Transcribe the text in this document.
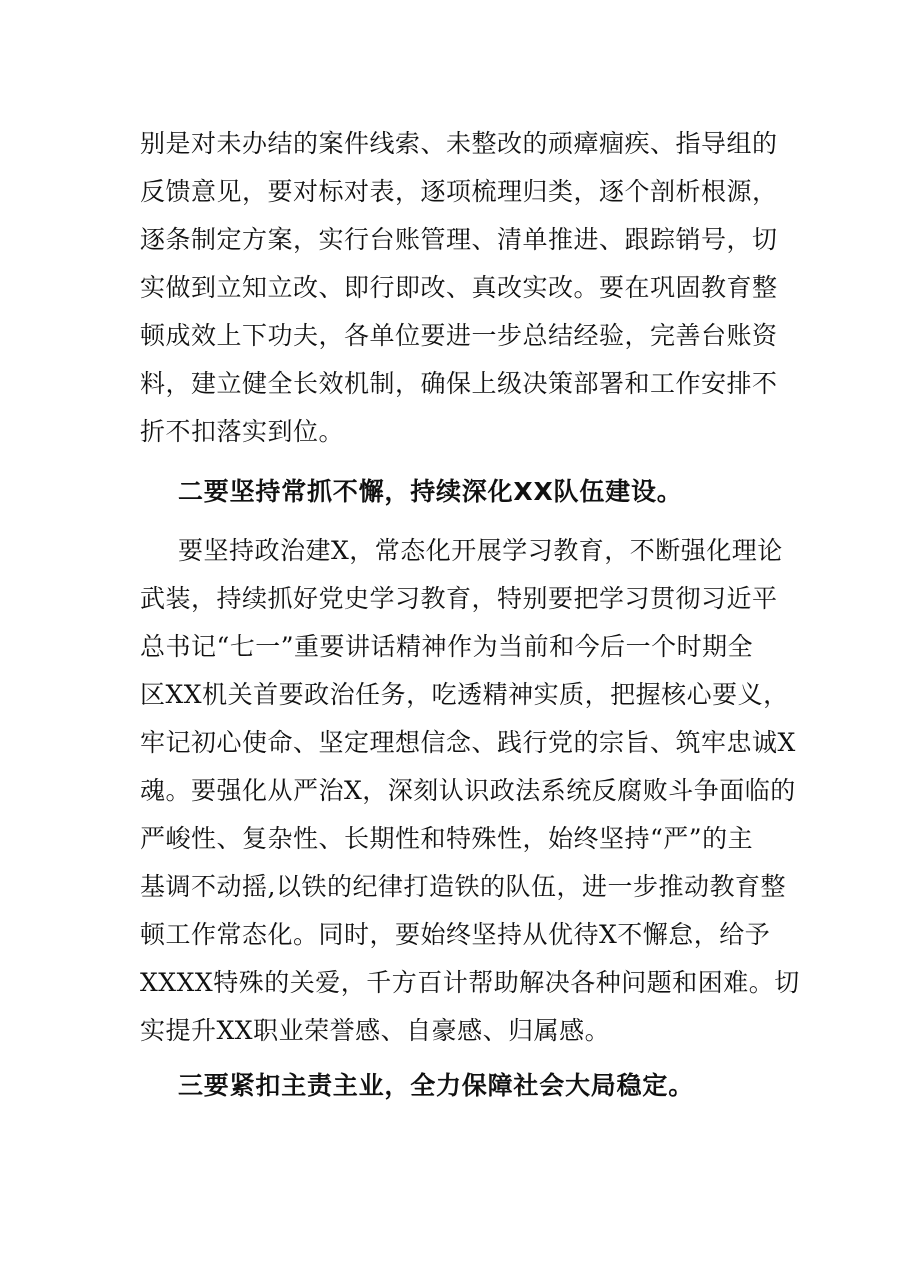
别是对未办结的案件线索、未整改的顽瘴痼疾、指导组的
反馈意见，要对标对表，逐项梳理归类，逐个剖析根源，
逐条制定方案，实行台账管理、清单推进、跟踪销号，切
实做到立知立改、即行即改、真改实改。要在巩固教育整
顿成效上下功夫，各单位要进一步总结经验，完善台账资
料，建立健全长效机制，确保上级决策部署和工作安排不
折不扣落实到位。
二要坚持常抓不懈，持续深化XX队伍建设。
要坚持政治建X，常态化开展学习教育，不断强化理论
武装，持续抓好党史学习教育，特别要把学习贯彻习近平
总书记“七一”重要讲话精神作为当前和今后一个时期全
区XX机关首要政治任务，吃透精神实质，把握核心要义，
牢记初心使命、坚定理想信念、践行党的宗旨、筑牢忠诚X
魂。要强化从严治X，深刻认识政法系统反腐败斗争面临的
严峻性、复杂性、长期性和特殊性，始终坚持“严”的主
基调不动摇,以铁的纪律打造铁的队伍，进一步推动教育整
顿工作常态化。同时，要始终坚持从优待X不懈怠，给予
XXXX特殊的关爱，千方百计帮助解决各种问题和困难。切
实提升XX职业荣誉感、自豪感、归属感。
三要紧扣主责主业，全力保障社会大局稳定。
